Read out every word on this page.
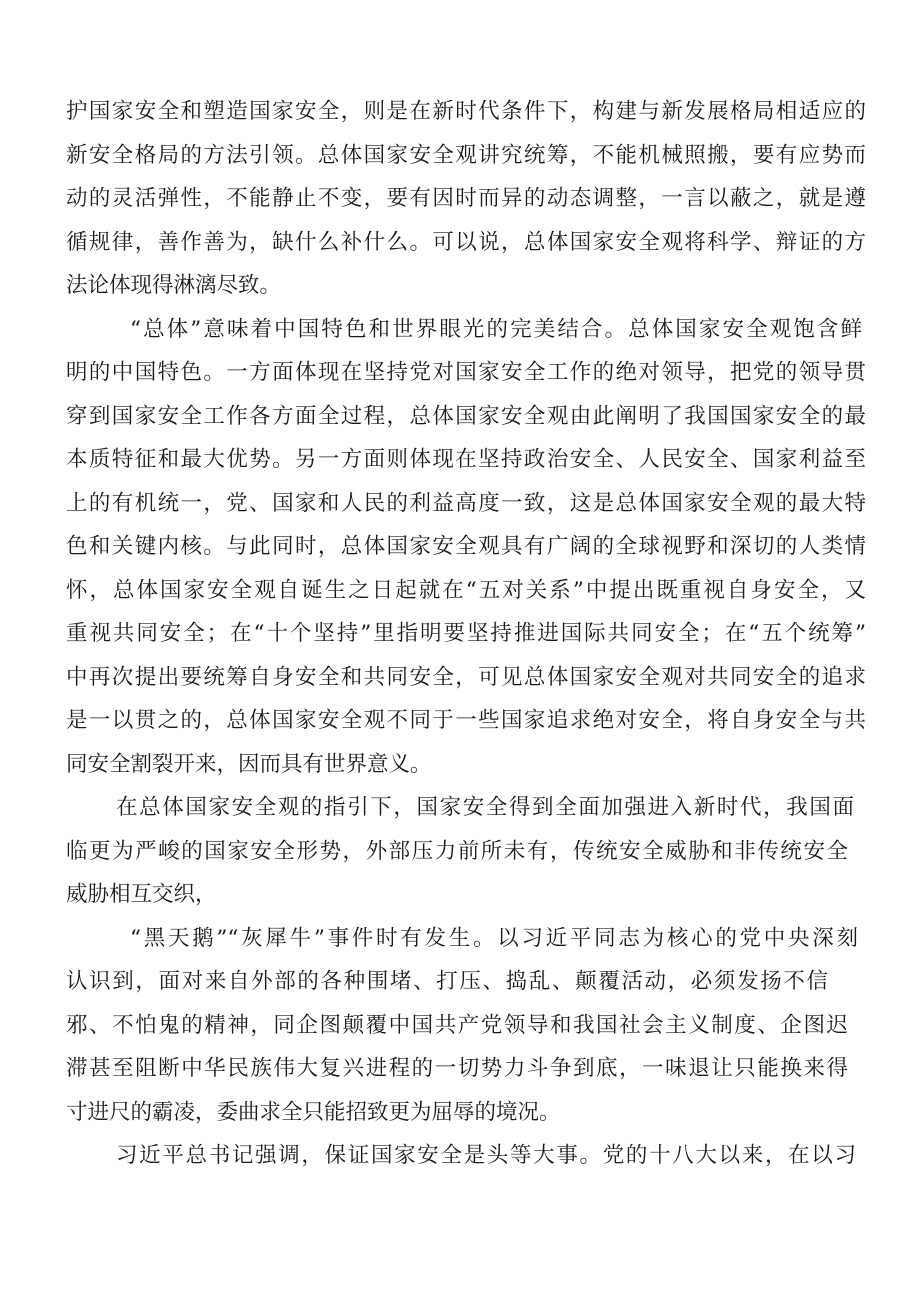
护国家安全和塑造国家安全，则是在新时代条件下，构建与新发展格局相适应的
新安全格局的方法引领。总体国家安全观讲究统筹，不能机械照搬，要有应势而
动的灵活弹性，不能静止不变，要有因时而异的动态调整，一言以蔽之，就是遵
循规律，善作善为，缺什么补什么。可以说，总体国家安全观将科学、辩证的方
法论体现得淋漓尽致。
“总体”意味着中国特色和世界眼光的完美结合。总体国家安全观饱含鲜
明的中国特色。一方面体现在坚持党对国家安全工作的绝对领导，把党的领导贯
穿到国家安全工作各方面全过程，总体国家安全观由此阐明了我国国家安全的最
本质特征和最大优势。另一方面则体现在坚持政治安全、人民安全、国家利益至
上的有机统一，党、国家和人民的利益高度一致，这是总体国家安全观的最大特
色和关键内核。与此同时，总体国家安全观具有广阔的全球视野和深切的人类情
怀，总体国家安全观自诞生之日起就在“五对关系”中提出既重视自身安全，又
重视共同安全；在“十个坚持”里指明要坚持推进国际共同安全；在“五个统筹”
中再次提出要统筹自身安全和共同安全，可见总体国家安全观对共同安全的追求
是一以贯之的，总体国家安全观不同于一些国家追求绝对安全，将自身安全与共
同安全割裂开来，因而具有世界意义。
在总体国家安全观的指引下，国家安全得到全面加强进入新时代，我国面
临更为严峻的国家安全形势，外部压力前所未有，传统安全威胁和非传统安全
威胁相互交织，
“黑天鹅”“灰犀牛”事件时有发生。以习近平同志为核心的党中央深刻
认识到，面对来自外部的各种围堵、打压、捣乱、颠覆活动，必须发扬不信
邪、不怕鬼的精神，同企图颠覆中国共产党领导和我国社会主义制度、企图迟
滞甚至阻断中华民族伟大复兴进程的一切势力斗争到底，一味退让只能换来得
寸进尺的霸凌，委曲求全只能招致更为屈辱的境况。
习近平总书记强调，保证国家安全是头等大事。党的十八大以来，在以习
